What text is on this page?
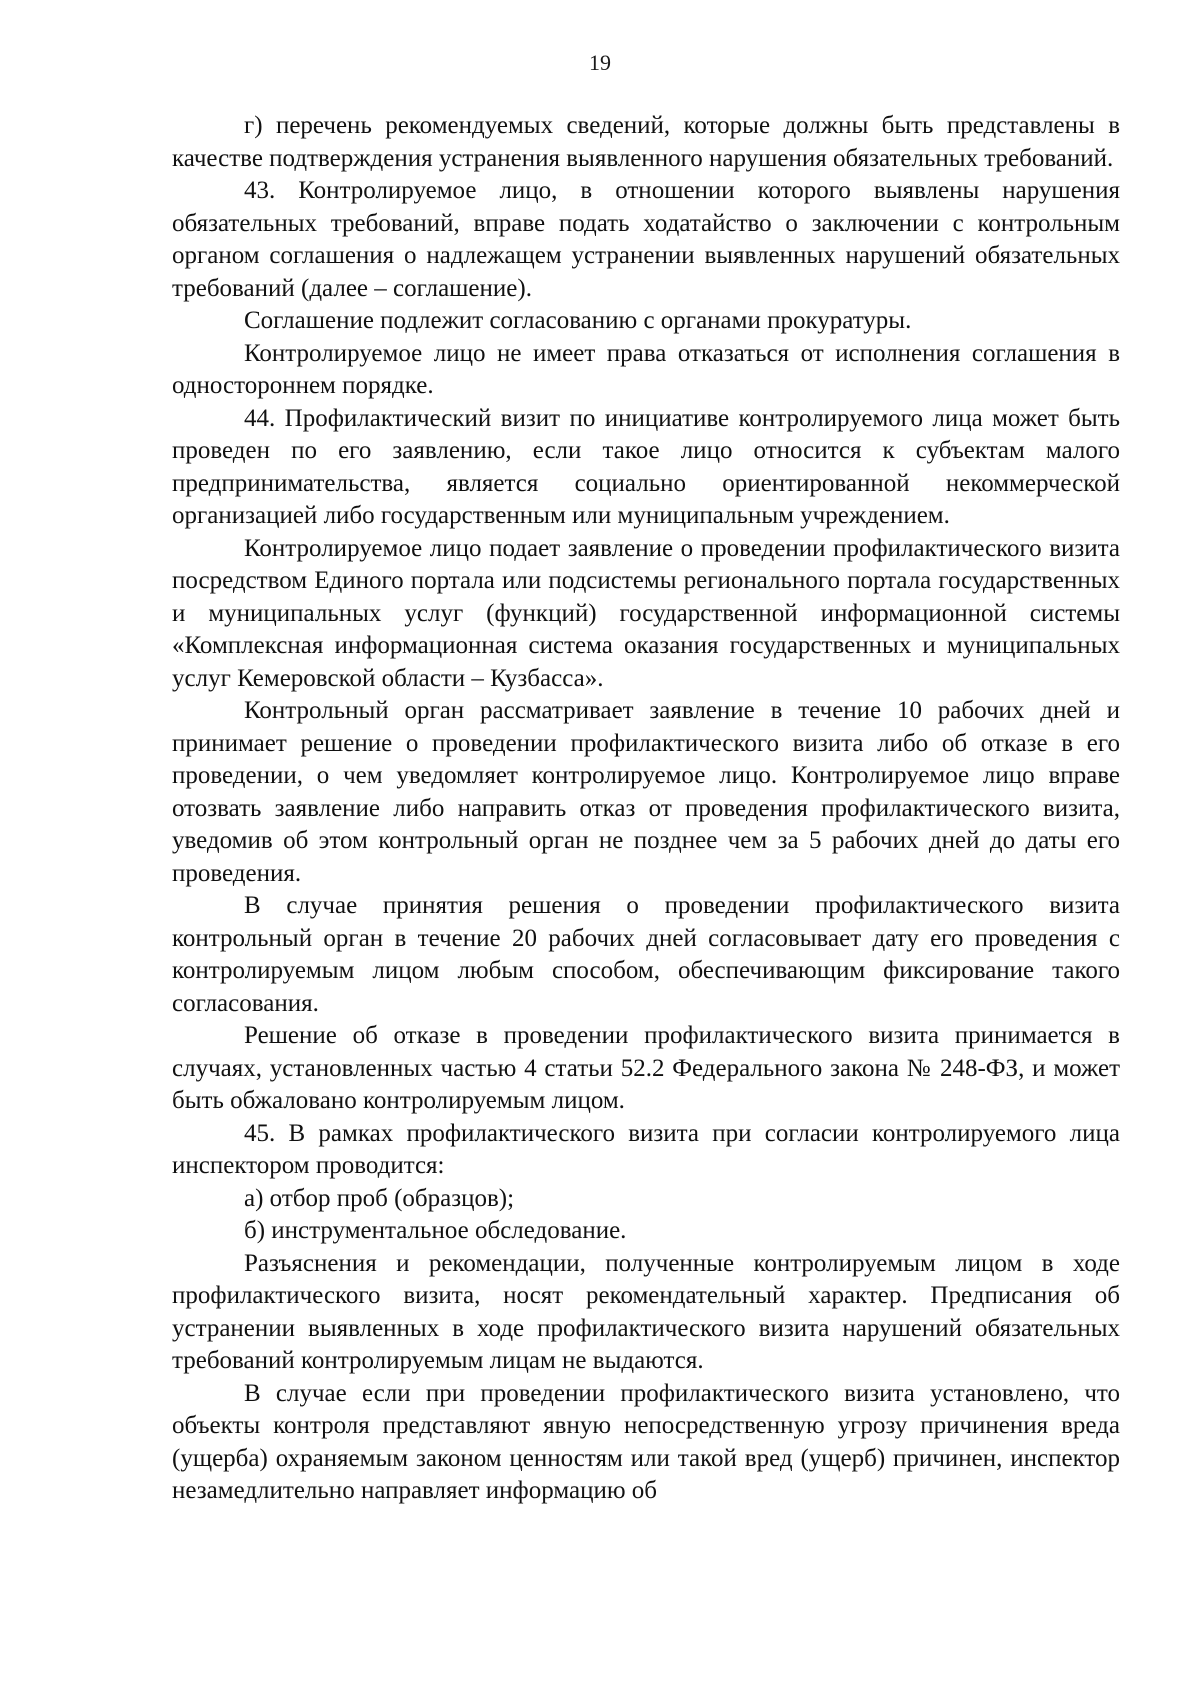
19

г) перечень рекомендуемых сведений, которые должны быть представлены в качестве подтверждения устранения выявленного нарушения обязательных требований.

43. Контролируемое лицо, в отношении которого выявлены нарушения обязательных требований, вправе подать ходатайство о заключении с контрольным органом соглашения о надлежащем устранении выявленных нарушений обязательных требований (далее – соглашение).

Соглашение подлежит согласованию с органами прокуратуры.

Контролируемое лицо не имеет права отказаться от исполнения соглашения в одностороннем порядке.

44. Профилактический визит по инициативе контролируемого лица может быть проведен по его заявлению, если такое лицо относится к субъектам малого предпринимательства, является социально ориентированной некоммерческой организацией либо государственным или муниципальным учреждением.

Контролируемое лицо подает заявление о проведении профилактического визита посредством Единого портала или подсистемы регионального портала государственных и муниципальных услуг (функций) государственной информационной системы «Комплексная информационная система оказания государственных и муниципальных услуг Кемеровской области – Кузбасса».

Контрольный орган рассматривает заявление в течение 10 рабочих дней и принимает решение о проведении профилактического визита либо об отказе в его проведении, о чем уведомляет контролируемое лицо. Контролируемое лицо вправе отозвать заявление либо направить отказ от проведения профилактического визита, уведомив об этом контрольный орган не позднее чем за 5 рабочих дней до даты его проведения.

В случае принятия решения о проведении профилактического визита контрольный орган в течение 20 рабочих дней согласовывает дату его проведения с контролируемым лицом любым способом, обеспечивающим фиксирование такого согласования.

Решение об отказе в проведении профилактического визита принимается в случаях, установленных частью 4 статьи 52.2 Федерального закона № 248-ФЗ, и может быть обжаловано контролируемым лицом.

45. В рамках профилактического визита при согласии контролируемого лица инспектором проводится:

а) отбор проб (образцов);

б) инструментальное обследование.

Разъяснения и рекомендации, полученные контролируемым лицом в ходе профилактического визита, носят рекомендательный характер. Предписания об устранении выявленных в ходе профилактического визита нарушений обязательных требований контролируемым лицам не выдаются.

В случае если при проведении профилактического визита установлено, что объекты контроля представляют явную непосредственную угрозу причинения вреда (ущерба) охраняемым законом ценностям или такой вред (ущерб) причинен, инспектор незамедлительно направляет информацию об
